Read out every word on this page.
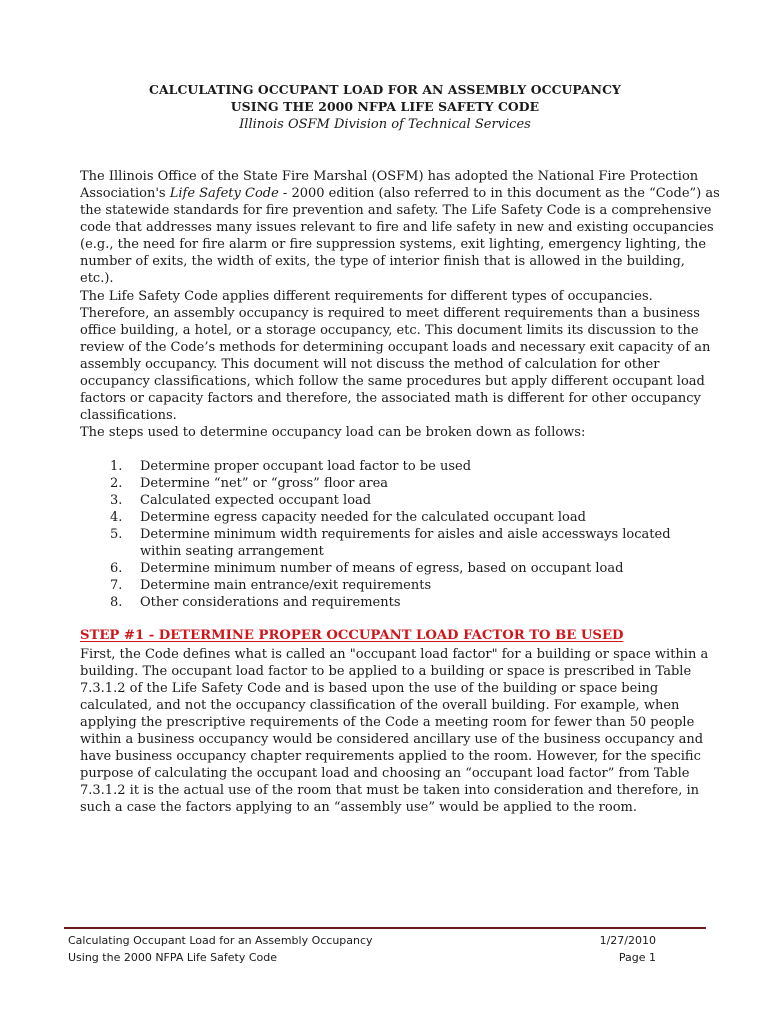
CALCULATING OCCUPANT LOAD FOR AN ASSEMBLY OCCUPANCY
USING THE 2000 NFPA LIFE SAFETY CODE
Illinois OSFM Division of Technical Services

The Illinois Office of the State Fire Marshal (OSFM) has adopted the National Fire Protection Association's Life Safety Code - 2000 edition (also referred to in this document as the “Code”) as the statewide standards for fire prevention and safety. The Life Safety Code is a comprehensive code that addresses many issues relevant to fire and life safety in new and existing occupancies (e.g., the need for fire alarm or fire suppression systems, exit lighting, emergency lighting, the number of exits, the width of exits, the type of interior finish that is allowed in the building, etc.).

The Life Safety Code applies different requirements for different types of occupancies. Therefore, an assembly occupancy is required to meet different requirements than a business office building, a hotel, or a storage occupancy, etc. This document limits its discussion to the review of the Code’s methods for determining occupant loads and necessary exit capacity of an assembly occupancy. This document will not discuss the method of calculation for other occupancy classifications, which follow the same procedures but apply different occupant load factors or capacity factors and therefore, the associated math is different for other occupancy classifications.

The steps used to determine occupancy load can be broken down as follows:

1.	Determine proper occupant load factor to be used
2.	Determine “net” or “gross” floor area
3.	Calculated expected occupant load
4.	Determine egress capacity needed for the calculated occupant load
5.	Determine minimum width requirements for aisles and aisle accessways located within seating arrangement
6.	Determine minimum number of means of egress, based on occupant load
7.	Determine main entrance/exit requirements
8.	Other considerations and requirements
STEP #1 - DETERMINE PROPER OCCUPANT LOAD FACTOR TO BE USED

First, the Code defines what is called an "occupant load factor" for a building or space within a building. The occupant load factor to be applied to a building or space is prescribed in Table 7.3.1.2 of the Life Safety Code and is based upon the use of the building or space being calculated, and not the occupancy classification of the overall building. For example, when applying the prescriptive requirements of the Code a meeting room for fewer than 50 people within a business occupancy would be considered ancillary use of the business occupancy and have business occupancy chapter requirements applied to the room. However, for the specific purpose of calculating the occupant load and choosing an “occupant load factor” from Table 7.3.1.2 it is the actual use of the room that must be taken into consideration and therefore, in such a case the factors applying to an “assembly use” would be applied to the room.

Calculating Occupant Load for an Assembly Occupancy
Using the 2000 NFPA Life Safety Code
1/27/2010
Page 1
